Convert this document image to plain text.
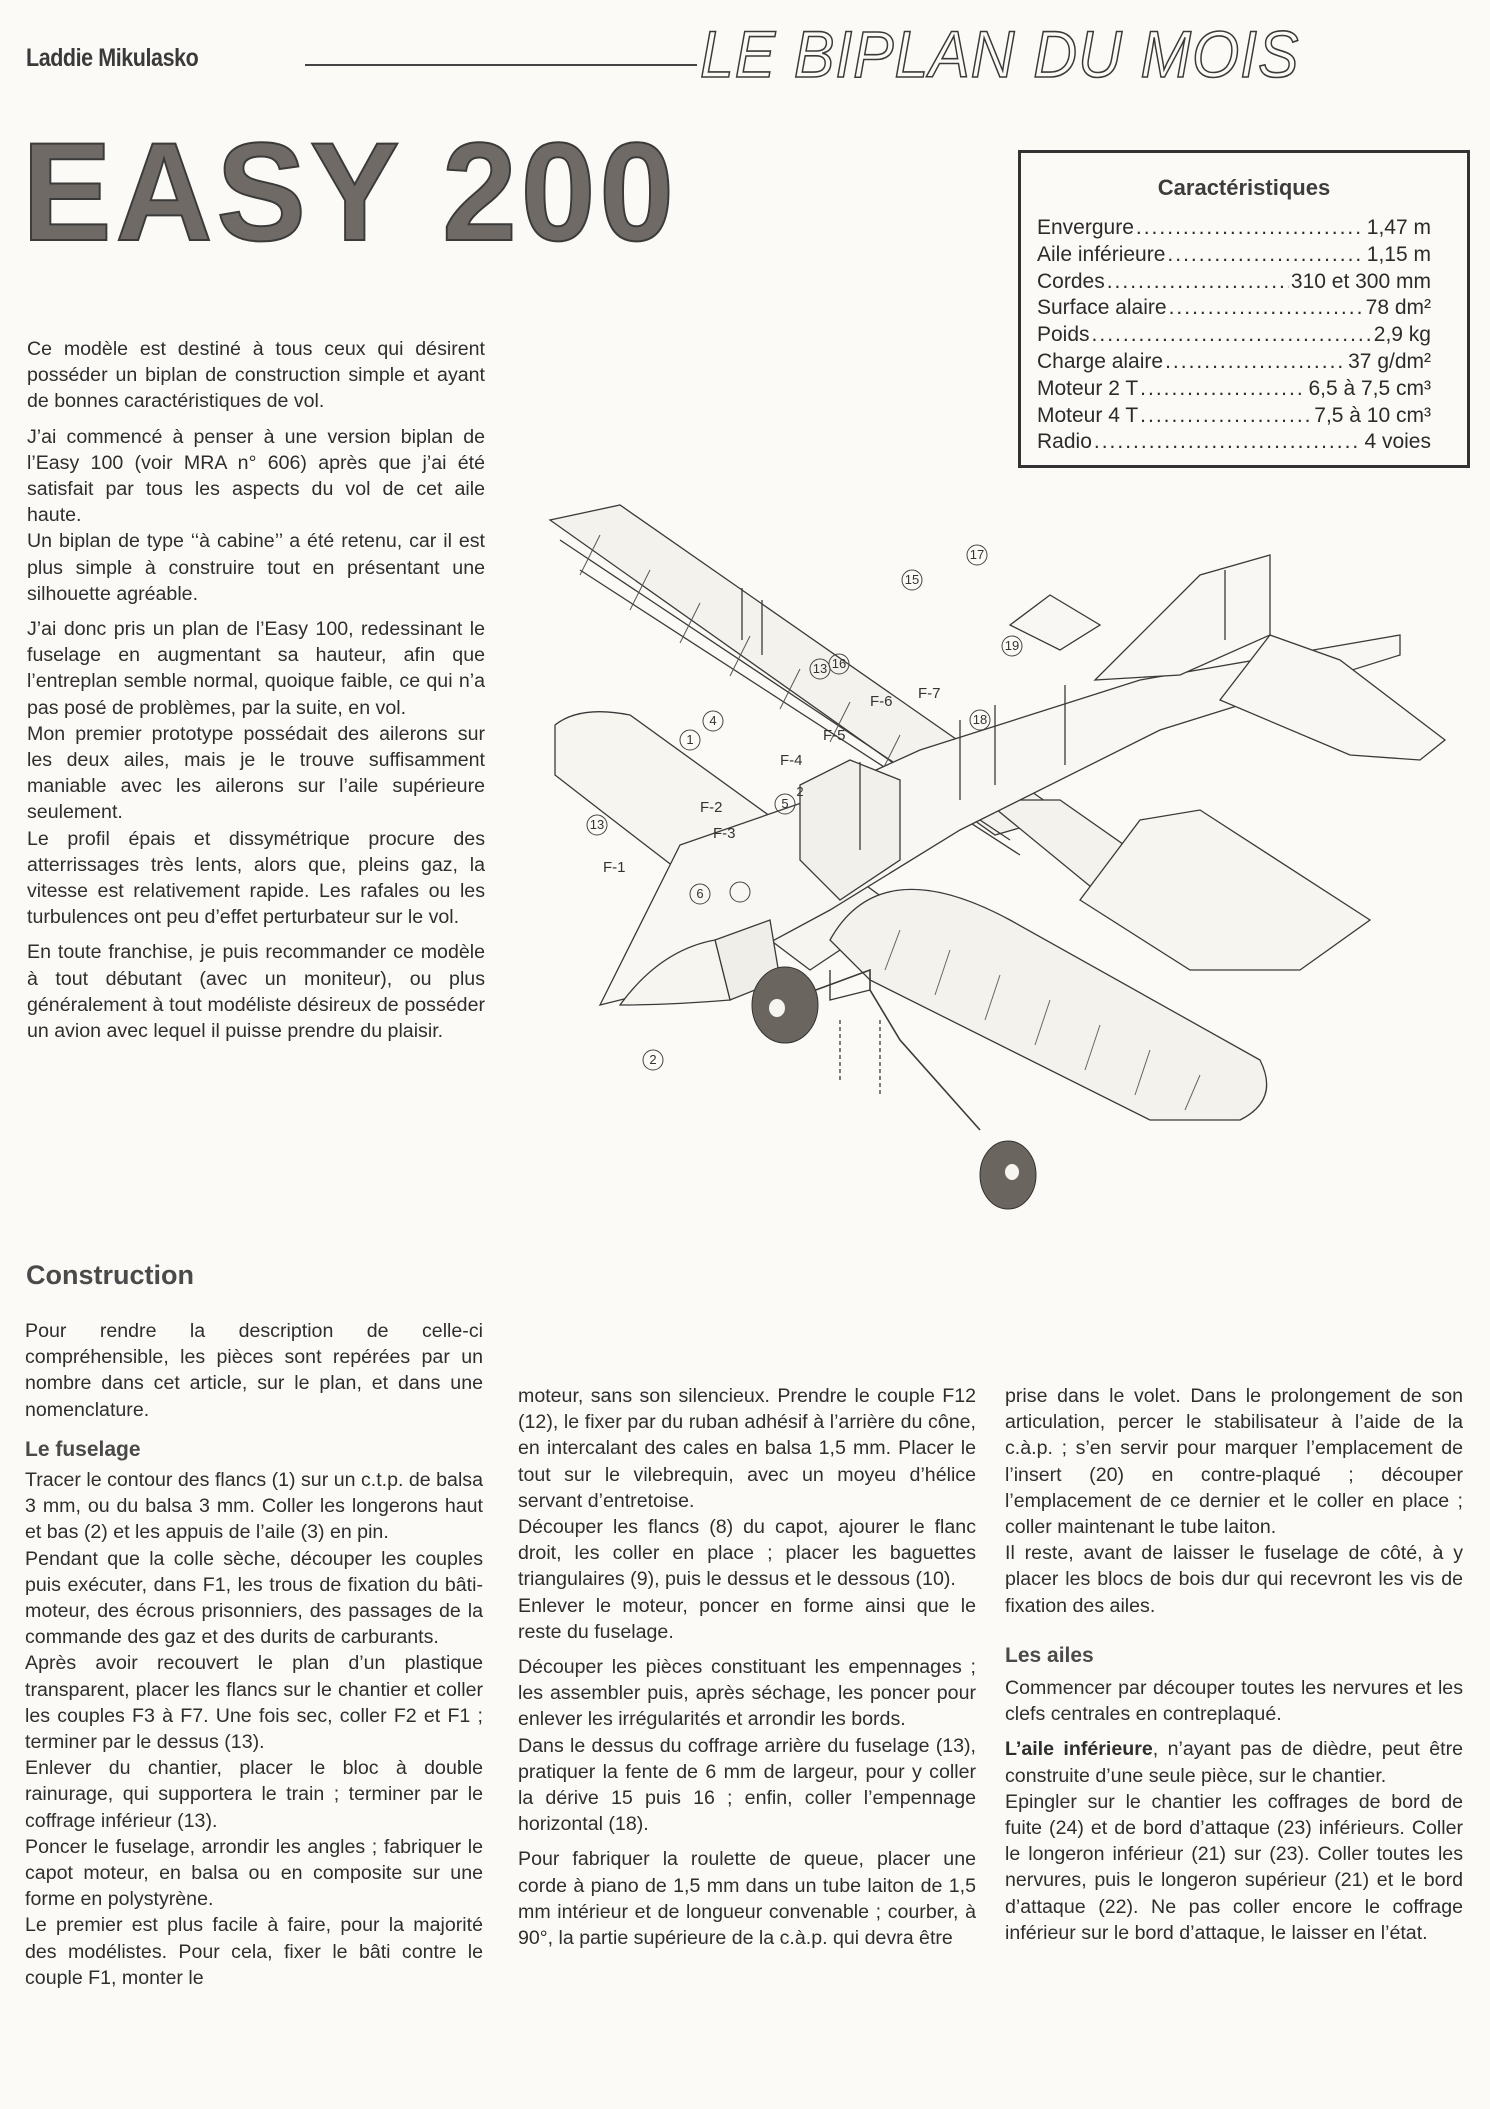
Laddie Mikulasko	LE BIPLAN DU MOIS
EASY 200	Caractéristiques
Envergure .....	1,47 m
Aile inférieure .....	1,15 m
Cordes .....	310 et 300 mm
Surface alaire .....	78 dm²
Poids .....	2,9 kg
Charge alaire .....	37 g/dm²
Moteur 2 T .....	6,5 à 7,5 cm³
Moteur 4 T .....	7,5 à 10 cm³
Radio .....	4 voies

Ce modèle est destiné à tous ceux qui désirent posséder un biplan de construction simple et ayant de bonnes caractéristiques de vol.

J’ai commencé à penser à une version biplan de l’Easy 100 (voir MRA n° 606) après que j’ai été satisfait par tous les aspects du vol de cet aile haute.

Un biplan de type ‘‘à cabine’’ a été retenu, car il est plus simple à construire tout en présentant une silhouette agréable.

J’ai donc pris un plan de l’Easy 100, redessinant le fuselage en augmentant sa hauteur, afin que l’entreplan semble normal, quoique faible, ce qui n’a pas posé de problèmes, par la suite, en vol.

Mon premier prototype possédait des ailerons sur les deux ailes, mais je le trouve suffisamment maniable avec les ailerons sur l’aile supérieure seulement.

Le profil épais et dissymétrique procure des atterrissages très lents, alors que, pleins gaz, la vitesse est relativement rapide. Les rafales ou les turbulences ont peu d’effet perturbateur sur le vol.

En toute franchise, je puis recommander ce modèle à tout débutant (avec un moniteur), ou plus généralement à tout modéliste désireux de posséder un avion avec lequel il puisse prendre du plaisir.

1
2
2
4
5
6
13
13
15
16
17
18
19
F-1
F-2
F-3
F-4
F-5
F-6 F-7
Construction

Pour rendre la description de celle-ci compréhensible, les pièces sont repérées par un nombre dans cet article, sur le plan, et dans une nomenclature.

Le fuselage

Tracer le contour des flancs (1) sur un c.t.p. de balsa 3 mm, ou du balsa 3 mm. Coller les longerons haut et bas (2) et les appuis de l’aile (3) en pin.

Pendant que la colle sèche, découper les couples puis exécuter, dans F1, les trous de fixation du bâti-moteur, des écrous prisonniers, des passages de la commande des gaz et des durits de carburants.

Après avoir recouvert le plan d’un plastique transparent, placer les flancs sur le chantier et coller les couples F3 à F7. Une fois sec, coller F2 et F1 ; terminer par le dessus (13).

Enlever du chantier, placer le bloc à double rainurage, qui supportera le train ; terminer par le coffrage inférieur (13).

Poncer le fuselage, arrondir les angles ; fabriquer le capot moteur, en balsa ou en composite sur une forme en polystyrène.

Le premier est plus facile à faire, pour la majorité des modélistes. Pour cela, fixer le bâti contre le couple F1, monter le

moteur, sans son silencieux. Prendre le couple F12 (12), le fixer par du ruban adhésif à l’arrière du cône, en intercalant des cales en balsa 1,5 mm. Placer le tout sur le vilebrequin, avec un moyeu d’hélice servant d’entretoise.

Découper les flancs (8) du capot, ajourer le flanc droit, les coller en place ; placer les baguettes triangulaires (9), puis le dessus et le dessous (10).

Enlever le moteur, poncer en forme ainsi que le reste du fuselage.

Découper les pièces constituant les empennages ; les assembler puis, après séchage, les poncer pour enlever les irrégularités et arrondir les bords.

Dans le dessus du coffrage arrière du fuselage (13), pratiquer la fente de 6 mm de largeur, pour y coller la dérive 15 puis 16 ; enfin, coller l’empennage horizontal (18).

Pour fabriquer la roulette de queue, placer une corde à piano de 1,5 mm dans un tube laiton de 1,5 mm intérieur et de longueur convenable ; courber, à 90°, la partie supérieure de la c.à.p. qui devra être

prise dans le volet. Dans le prolongement de son articulation, percer le stabilisateur à l’aide de la c.à.p. ; s’en servir pour marquer l’emplacement de l’insert (20) en contre-plaqué ; découper l’emplacement de ce dernier et le coller en place ; coller maintenant le tube laiton.

Il reste, avant de laisser le fuselage de côté, à y placer les blocs de bois dur qui recevront les vis de fixation des ailes.

Les ailes

Commencer par découper toutes les nervures et les clefs centrales en contreplaqué.

L’aile inférieure, n’ayant pas de dièdre, peut être construite d’une seule pièce, sur le chantier.

Epingler sur le chantier les coffrages de bord de fuite (24) et de bord d’attaque (23) inférieurs. Coller le longeron inférieur (21) sur (23). Coller toutes les nervures, puis le longeron supérieur (21) et le bord d’attaque (22). Ne pas coller encore le coffrage inférieur sur le bord d’attaque, le laisser en l’état.
